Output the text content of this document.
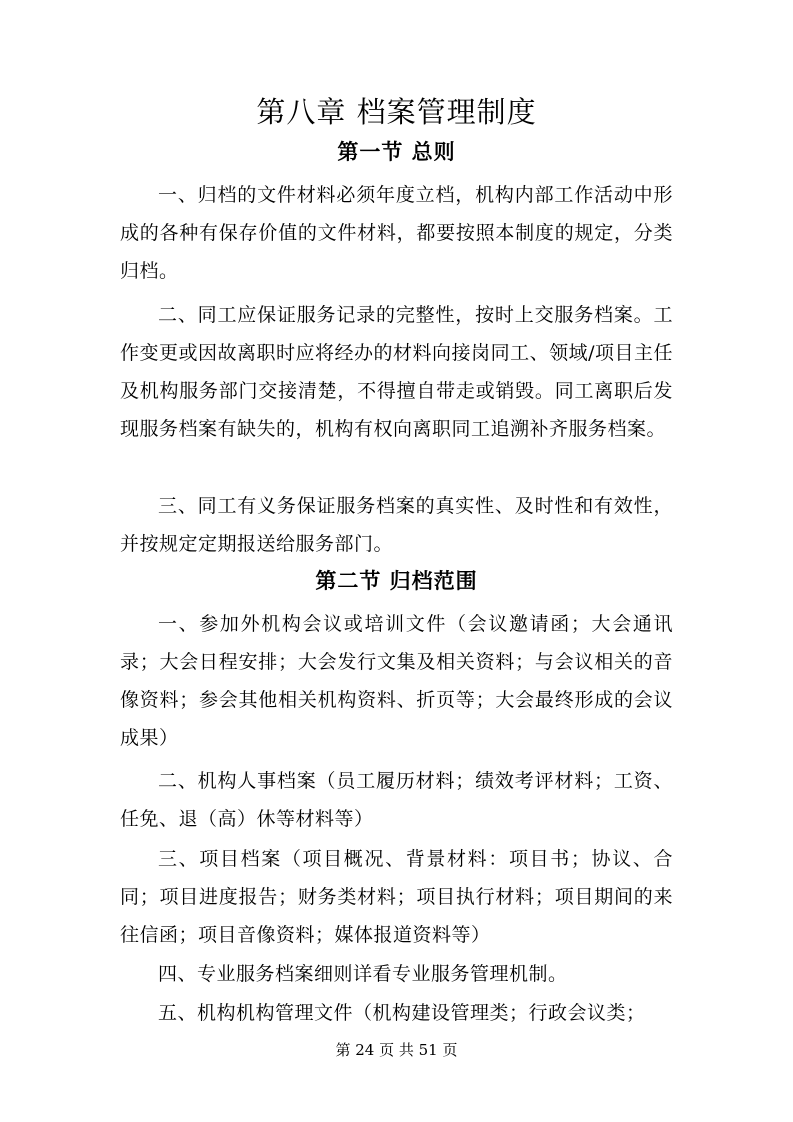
第八章 档案管理制度
第一节 总则

一、归档的文件材料必须年度立档，机构内部工作活动中形成的各种有保存价值的文件材料，都要按照本制度的规定，分类归档。

二、同工应保证服务记录的完整性，按时上交服务档案。工作变更或因故离职时应将经办的材料向接岗同工、领域/项目主任及机构服务部门交接清楚，不得擅自带走或销毁。同工离职后发现服务档案有缺失的，机构有权向离职同工追溯补齐服务档案。

三、同工有义务保证服务档案的真实性、及时性和有效性，并按规定定期报送给服务部门。

第二节 归档范围

一、参加外机构会议或培训文件（会议邀请函；大会通讯录；大会日程安排；大会发行文集及相关资料；与会议相关的音像资料；参会其他相关机构资料、折页等；大会最终形成的会议成果）

二、机构人事档案（员工履历材料；绩效考评材料；工资、任免、退（高）休等材料等）

三、项目档案（项目概况、背景材料：项目书；协议、合同；项目进度报告；财务类材料；项目执行材料；项目期间的来往信函；项目音像资料；媒体报道资料等）

四、专业服务档案细则详看专业服务管理机制。

五、机构机构管理文件（机构建设管理类；行政会议类；

第 24 页 共 51 页
